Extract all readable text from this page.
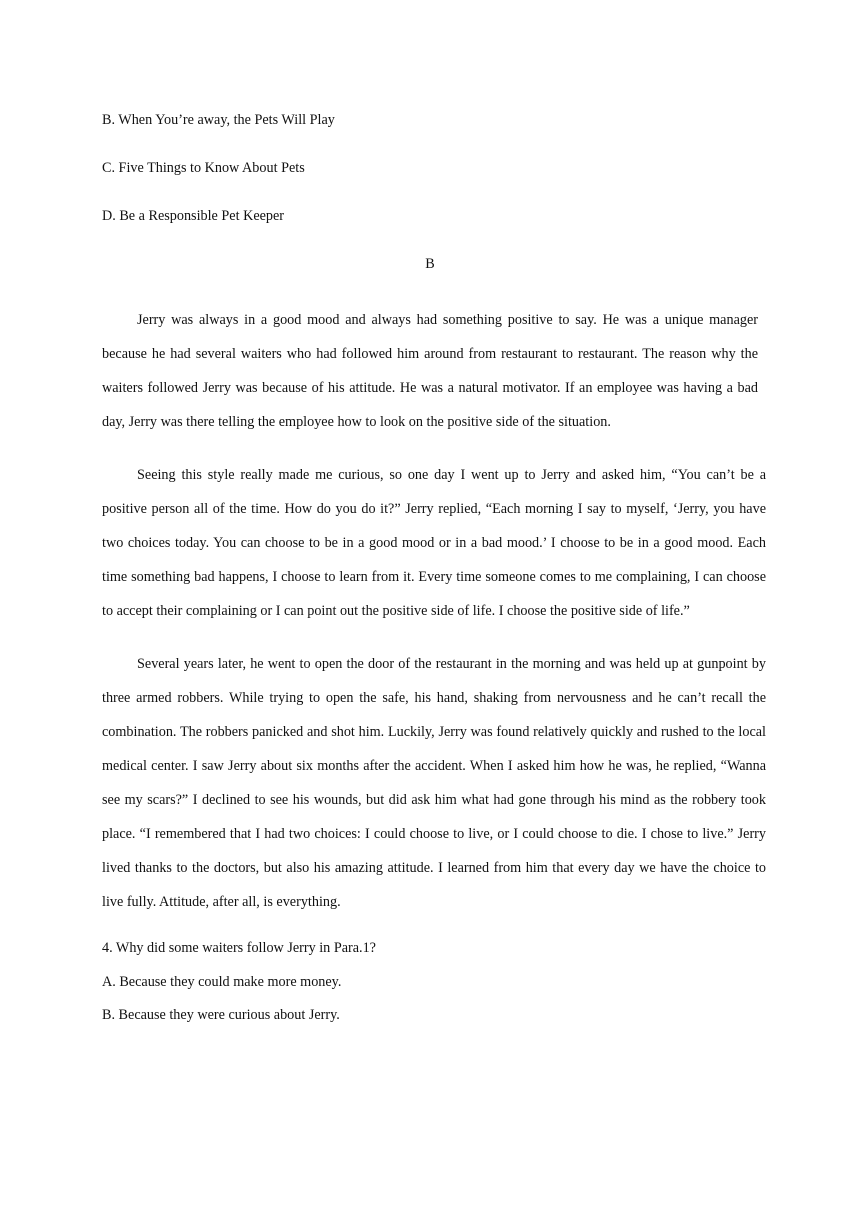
B. When You’re away, the Pets Will Play
C. Five Things to Know About Pets
D. Be a Responsible Pet Keeper
B

Jerry was always in a good mood and always had something positive to say. He was a unique manager because he had several waiters who had followed him around from restaurant to restaurant. The reason why the waiters followed Jerry was because of his attitude. He was a natural motivator. If an employee was having a bad day, Jerry was there telling the employee how to look on the positive side of the situation.

Seeing this style really made me curious, so one day I went up to Jerry and asked him, “You can’t be a positive person all of the time. How do you do it?” Jerry replied, “Each morning I say to myself, ‘Jerry, you have two choices today. You can choose to be in a good mood or in a bad mood.’ I choose to be in a good mood. Each time something bad happens, I choose to learn from it. Every time someone comes to me complaining, I can choose to accept their complaining or I can point out the positive side of life. I choose the positive side of life.”

Several years later, he went to open the door of the restaurant in the morning and was held up at gunpoint by three armed robbers. While trying to open the safe, his hand, shaking from nervousness and he can’t recall the combination. The robbers panicked and shot him. Luckily, Jerry was found relatively quickly and rushed to the local medical center. I saw Jerry about six months after the accident. When I asked him how he was, he replied, “Wanna see my scars?” I declined to see his wounds, but did ask him what had gone through his mind as the robbery took place. “I remembered that I had two choices: I could choose to live, or I could choose to die. I chose to live.” Jerry lived thanks to the doctors, but also his amazing attitude. I learned from him that every day we have the choice to live fully. Attitude, after all, is everything.

4. Why did some waiters follow Jerry in Para.1?
A. Because they could make more money.
B. Because they were curious about Jerry.
